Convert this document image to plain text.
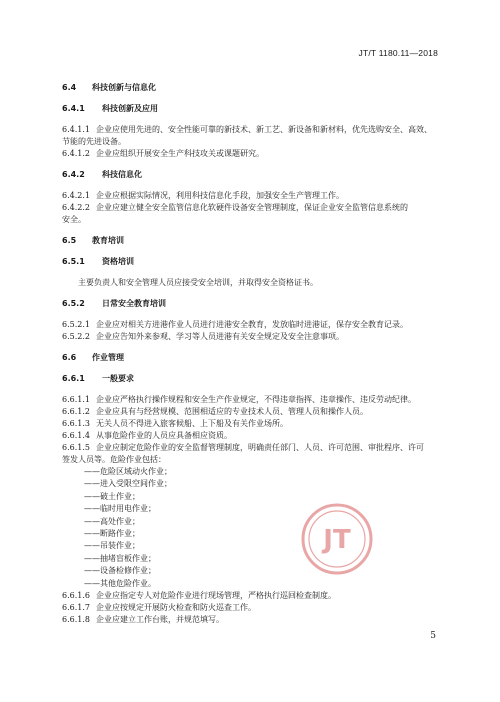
JT/T 1180.11—2018
6.4 科技创新与信息化
6.4.1 科技创新及应用
6.4.1.1 企业应使用先进的、安全性能可靠的新技术、新工艺、新设备和新材料，优先选购安全、高效、
节能的先进设备。
6.4.1.2 企业应组织开展安全生产科技攻关或课题研究。
6.4.2 科技信息化
6.4.2.1 企业应根据实际情况，利用科技信息化手段，加强安全生产管理工作。
6.4.2.2 企业应建立健全安全监管信息化软硬件设备安全管理制度，保证企业安全监管信息系统的
安全。
6.5 教育培训
6.5.1 资格培训
主要负责人和安全管理人员应接受安全培训，并取得安全资格证书。
6.5.2 日常安全教育培训
6.5.2.1 企业应对相关方进港作业人员进行进港安全教育，发放临时进港证，保存安全教育记录。
6.5.2.2 企业应告知外来参观、学习等人员进港有关安全规定及安全注意事项。
6.6 作业管理
6.6.1 一般要求
6.6.1.1 企业应严格执行操作规程和安全生产作业规定，不得违章指挥、违章操作、违反劳动纪律。
6.6.1.2 企业应具有与经营规模、范围相适应的专业技术人员、管理人员和操作人员。
6.6.1.3 无关人员不得进入旅客候船、上下船及有关作业场所。
6.6.1.4 从事危险作业的人员应具备相应资质。
6.6.1.5 企业应制定危险作业的安全监督管理制度，明确责任部门、人员、许可范围、审批程序、许可
签发人员等。危险作业包括：
——危险区域动火作业；
——进入受限空间作业；
——破土作业；
——临时用电作业；
——高处作业；
——断路作业；
——吊装作业；
——抽堵盲板作业；
——设备检修作业；
——其他危险作业。
6.6.1.6 企业应指定专人对危险作业进行现场管理，严格执行巡回检查制度。
6.6.1.7 企业应按规定开展防火检查和防火巡查工作。
6.6.1.8 企业应建立工作台账，并规范填写。
JT
5
